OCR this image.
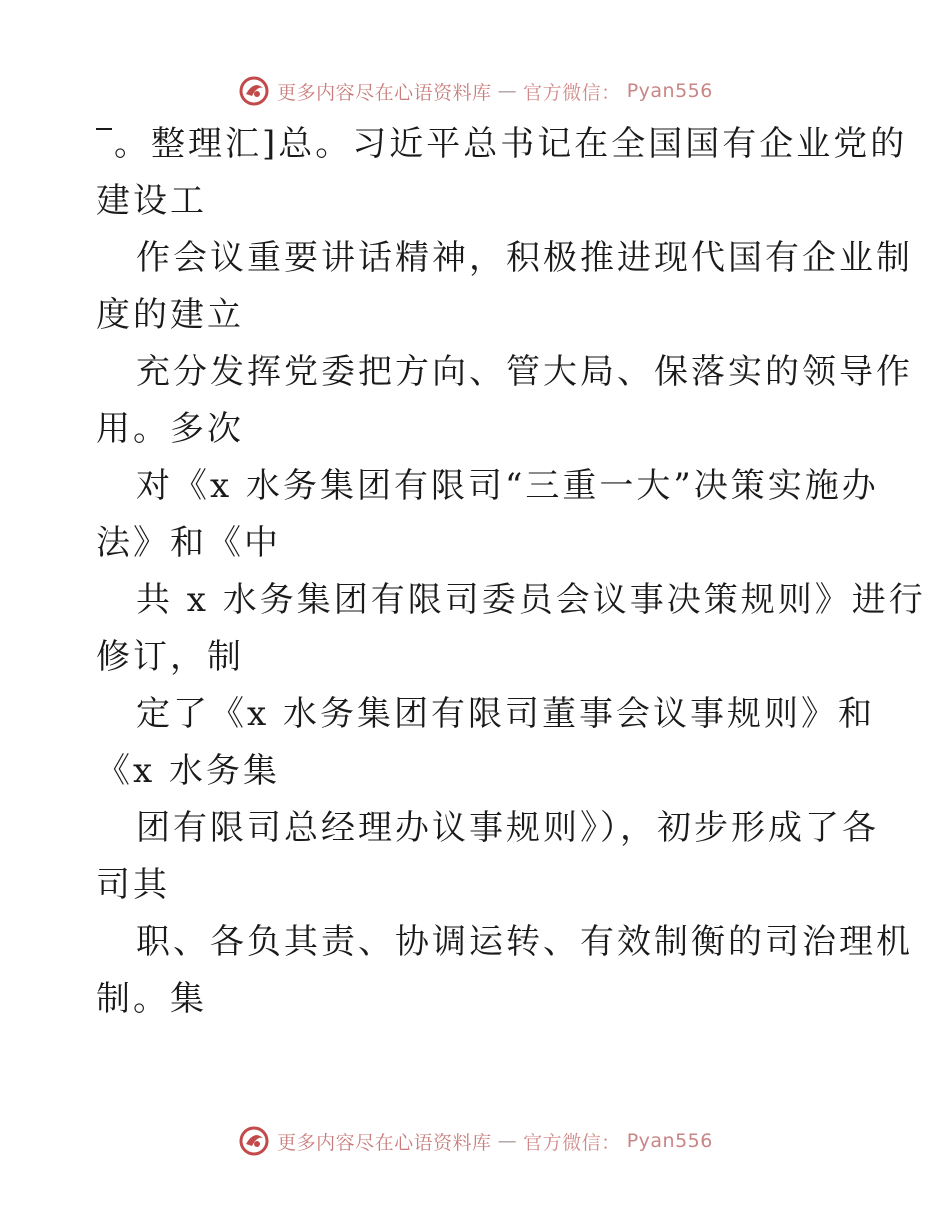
更多内容尽在心语资料库 — 官方微信： Pyan556
。整理汇]总。习近平总书记在全国国有企业党的
建设工
作会议重要讲话精神，积极推进现代国有企业制
度的建立
充分发挥党委把方向、管大局、保落实的领导作
用。多次
对《x 水务集团有限司“三重一大”决策实施办
法》和《中
共 x 水务集团有限司委员会议事决策规则》进行
修订，制
定了《x 水务集团有限司董事会议事规则》和
《x 水务集
团有限司总经理办议事规则》），初步形成了各
司其
职、各负其责、协调运转、有效制衡的司治理机
制。集
更多内容尽在心语资料库 — 官方微信： Pyan556
